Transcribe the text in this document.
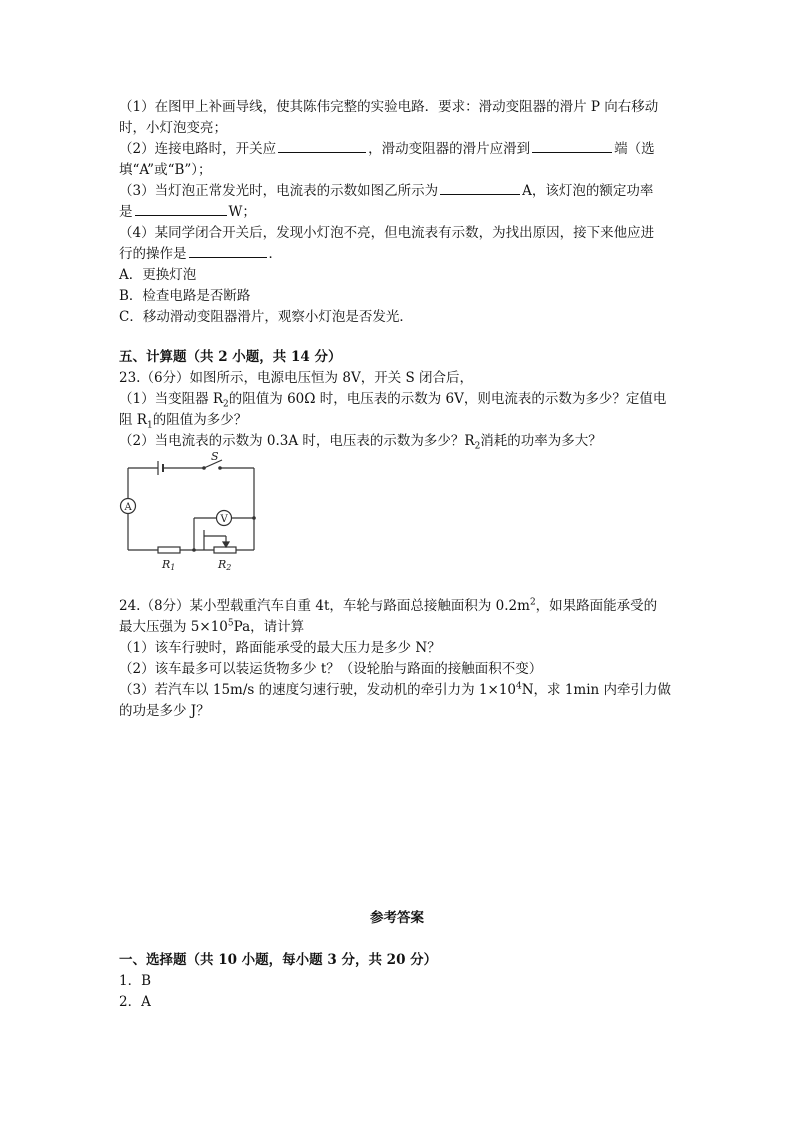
（1）在图甲上补画导线，使其陈伟完整的实验电路．要求：滑动变阻器的滑片 P 向右移动
时，小灯泡变亮；
（2）连接电路时，开关应	，滑动变阻器的滑片应滑到	端（选
填“A”或“B”）；
（3）当灯泡正常发光时，电流表的示数如图乙所示为	A，该灯泡的额定功率
是	W；
（4）某同学闭合开关后，发现小灯泡不亮，但电流表有示数，为找出原因，接下来他应进
行的操作是	．
A．更换灯泡
B．检查电路是否断路
C．移动滑动变阻器滑片，观察小灯泡是否发光．
五、计算题（共 2 小题，共 14 分）
23.（6分）如图所示，电源电压恒为 8V，开关 S 闭合后，
（1）当变阻器 $R_2$的阻值为 60Ω 时，电压表的示数为 6V，则电流表的示数为多少？定值电
阻 $R_1$的阻值为多少？
（2）当电流表的示数为 0.3A 时，电压表的示数为多少？$R_2$消耗的功率为多大？
S
A
V
R1	R2
24.（8分）某小型载重汽车自重 4t，车轮与路面总接触面积为 $0.2m^2$，如果路面能承受的
最大压强为 $5\times 10^5Pa$，请计算
（1）该车行驶时，路面能承受的最大压力是多少 N？
（2）该车最多可以装运货物多少 t？（设轮胎与路面的接触面积不变）
（3）若汽车以 15m/s 的速度匀速行驶，发动机的牵引力为 $1\times 10^4N$，求 1min 内牵引力做
的功是多少 J？
参考答案
一、选择题（共 10 小题，每小题 3 分，共 20 分）
1．B
2．A
